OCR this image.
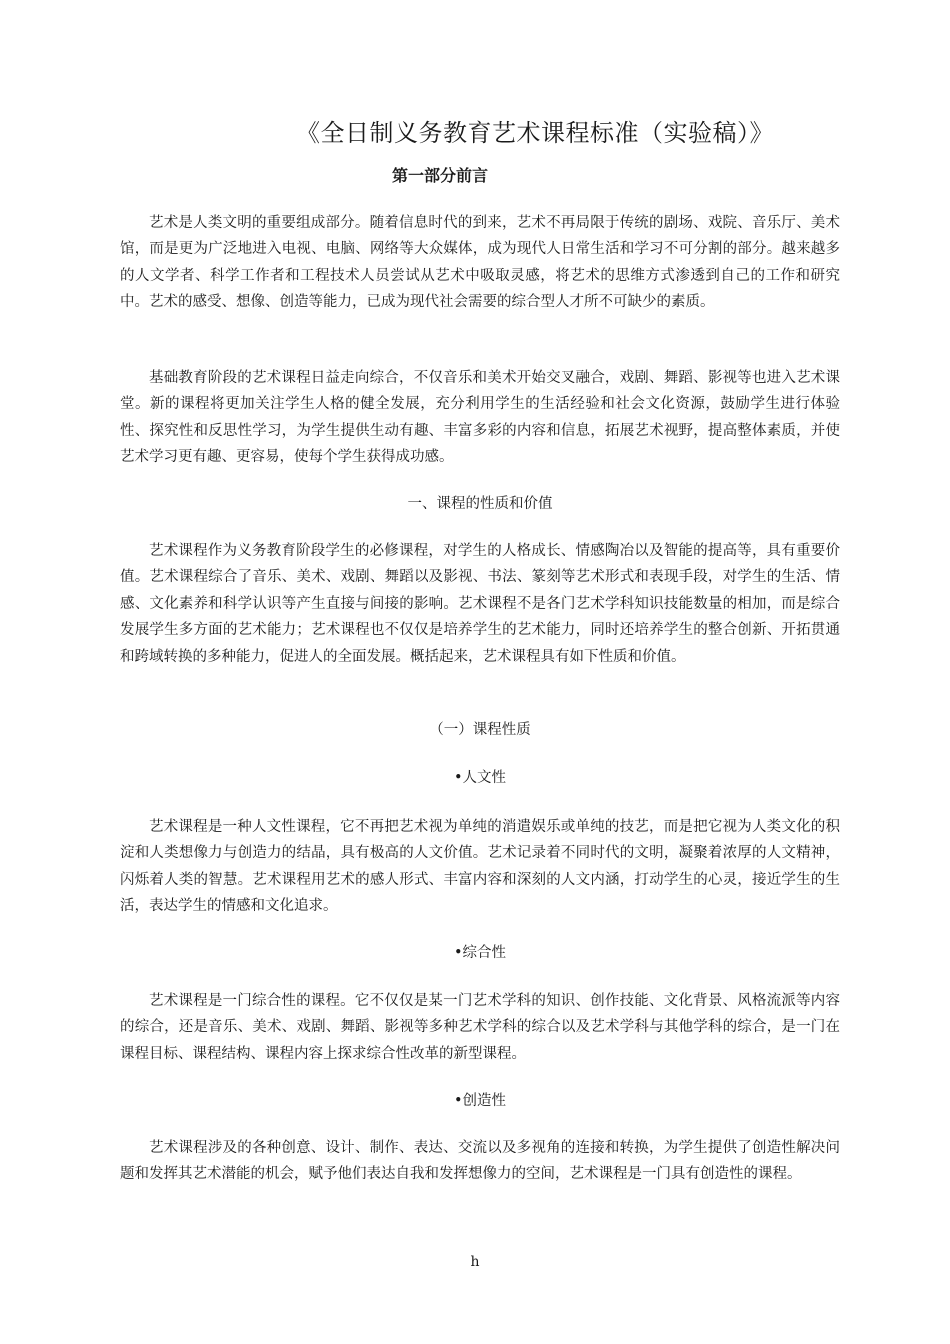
《全日制义务教育艺术课程标准（实验稿）》
第一部分前言

艺术是人类文明的重要组成部分。随着信息时代的到来，艺术不再局限于传统的剧场、戏院、音乐厅、美术馆，而是更为广泛地进入电视、电脑、网络等大众媒体，成为现代人日常生活和学习不可分割的部分。越来越多的人文学者、科学工作者和工程技术人员尝试从艺术中吸取灵感，将艺术的思维方式渗透到自己的工作和研究中。艺术的感受、想像、创造等能力，已成为现代社会需要的综合型人才所不可缺少的素质。

基础教育阶段的艺术课程日益走向综合，不仅音乐和美术开始交叉融合，戏剧、舞蹈、影视等也进入艺术课堂。新的课程将更加关注学生人格的健全发展，充分利用学生的生活经验和社会文化资源，鼓励学生进行体验性、探究性和反思性学习，为学生提供生动有趣、丰富多彩的内容和信息，拓展艺术视野，提高整体素质，并使艺术学习更有趣、更容易，使每个学生获得成功感。

一、课程的性质和价值

艺术课程作为义务教育阶段学生的必修课程，对学生的人格成长、情感陶冶以及智能的提高等，具有重要价值。艺术课程综合了音乐、美术、戏剧、舞蹈以及影视、书法、篆刻等艺术形式和表现手段，对学生的生活、情感、文化素养和科学认识等产生直接与间接的影响。艺术课程不是各门艺术学科知识技能数量的相加，而是综合发展学生多方面的艺术能力；艺术课程也不仅仅是培养学生的艺术能力，同时还培养学生的整合创新、开拓贯通和跨域转换的多种能力，促进人的全面发展。概括起来，艺术课程具有如下性质和价值。

（一）课程性质
•人文性

艺术课程是一种人文性课程，它不再把艺术视为单纯的消遣娱乐或单纯的技艺，而是把它视为人类文化的积淀和人类想像力与创造力的结晶，具有极高的人文价值。艺术记录着不同时代的文明，凝聚着浓厚的人文精神，闪烁着人类的智慧。艺术课程用艺术的感人形式、丰富内容和深刻的人文内涵，打动学生的心灵，接近学生的生活，表达学生的情感和文化追求。

•综合性

艺术课程是一门综合性的课程。它不仅仅是某一门艺术学科的知识、创作技能、文化背景、风格流派等内容的综合，还是音乐、美术、戏剧、舞蹈、影视等多种艺术学科的综合以及艺术学科与其他学科的综合，是一门在课程目标、课程结构、课程内容上探求综合性改革的新型课程。

•创造性

艺术课程涉及的各种创意、设计、制作、表达、交流以及多视角的连接和转换，为学生提供了创造性解决问题和发挥其艺术潜能的机会，赋予他们表达自我和发挥想像力的空间，艺术课程是一门具有创造性的课程。

h
